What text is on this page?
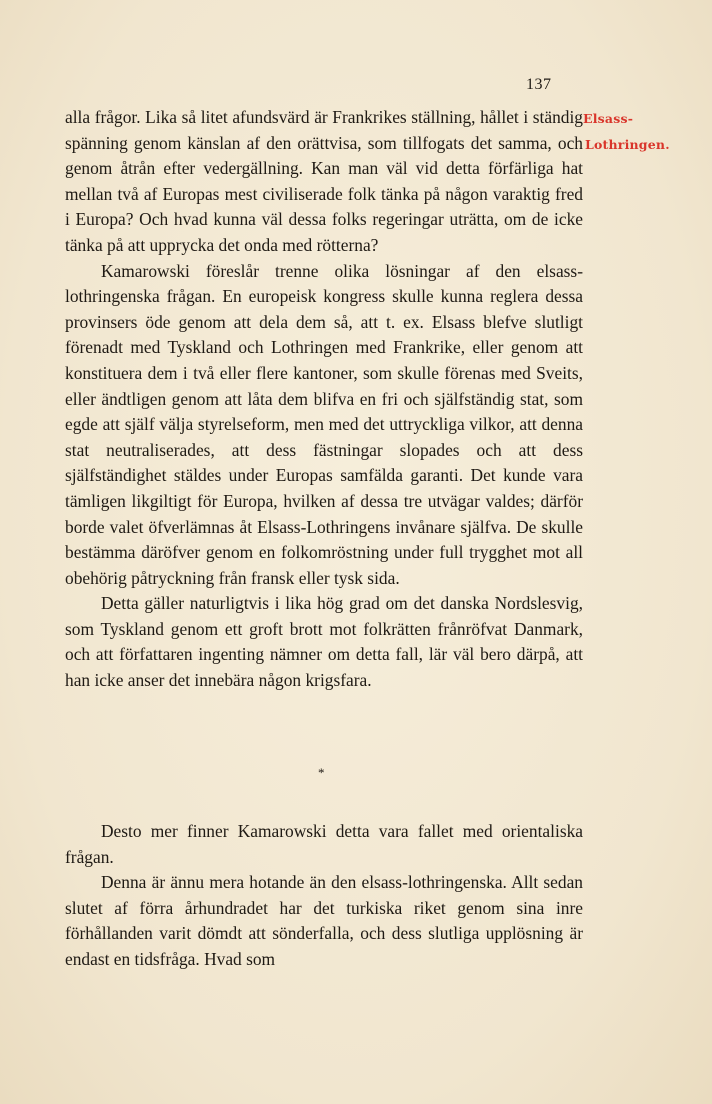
137
Elsass-
Lothringen.

alla frågor. Lika så litet afundsvärd är Frankrikes ställning, hållet i ständig spänning genom känslan af den orättvisa, som tillfogats det samma, och genom åtrån efter vedergällning. Kan man väl vid detta förfärliga hat mellan två af Europas mest civiliserade folk tänka på någon varaktig fred i Europa? Och hvad kunna väl dessa folks regeringar uträtta, om de icke tänka på att upprycka det onda med rötterna?

Kamarowski föreslår trenne olika lösningar af den elsass-lothringenska frågan. En europeisk kongress skulle kunna reglera dessa provinsers öde genom att dela dem så, att t. ex. Elsass blefve slutligt förenadt med Tyskland och Lothringen med Frankrike, eller genom att konstituera dem i två eller flere kantoner, som skulle förenas med Sveits, eller ändtligen genom att låta dem blifva en fri och själfständig stat, som egde att själf välja styrelseform, men med det uttryckliga vilkor, att denna stat neutraliserades, att dess fästningar slopades och att dess själfständighet stäldes under Europas samfälda garanti. Det kunde vara tämligen likgiltigt för Europa, hvilken af dessa tre utvägar valdes; därför borde valet öfverlämnas åt Elsass-Lothringens invånare själfva. De skulle bestämma däröfver genom en folkomröstning under full trygghet mot all obehörig påtryckning från fransk eller tysk sida.

Detta gäller naturligtvis i lika hög grad om det danska Nordslesvig, som Tyskland genom ett groft brott mot folkrätten frånröfvat Danmark, och att författaren ingenting nämner om detta fall, lär väl bero därpå, att han icke anser det innebära någon krigsfara.

*

Desto mer finner Kamarowski detta vara fallet med orientaliska frågan.

Denna är ännu mera hotande än den elsass-lothringenska. Allt sedan slutet af förra århundradet har det turkiska riket genom sina inre förhållanden varit dömdt att sönderfalla, och dess slutliga upplösning är endast en tidsfråga. Hvad som
